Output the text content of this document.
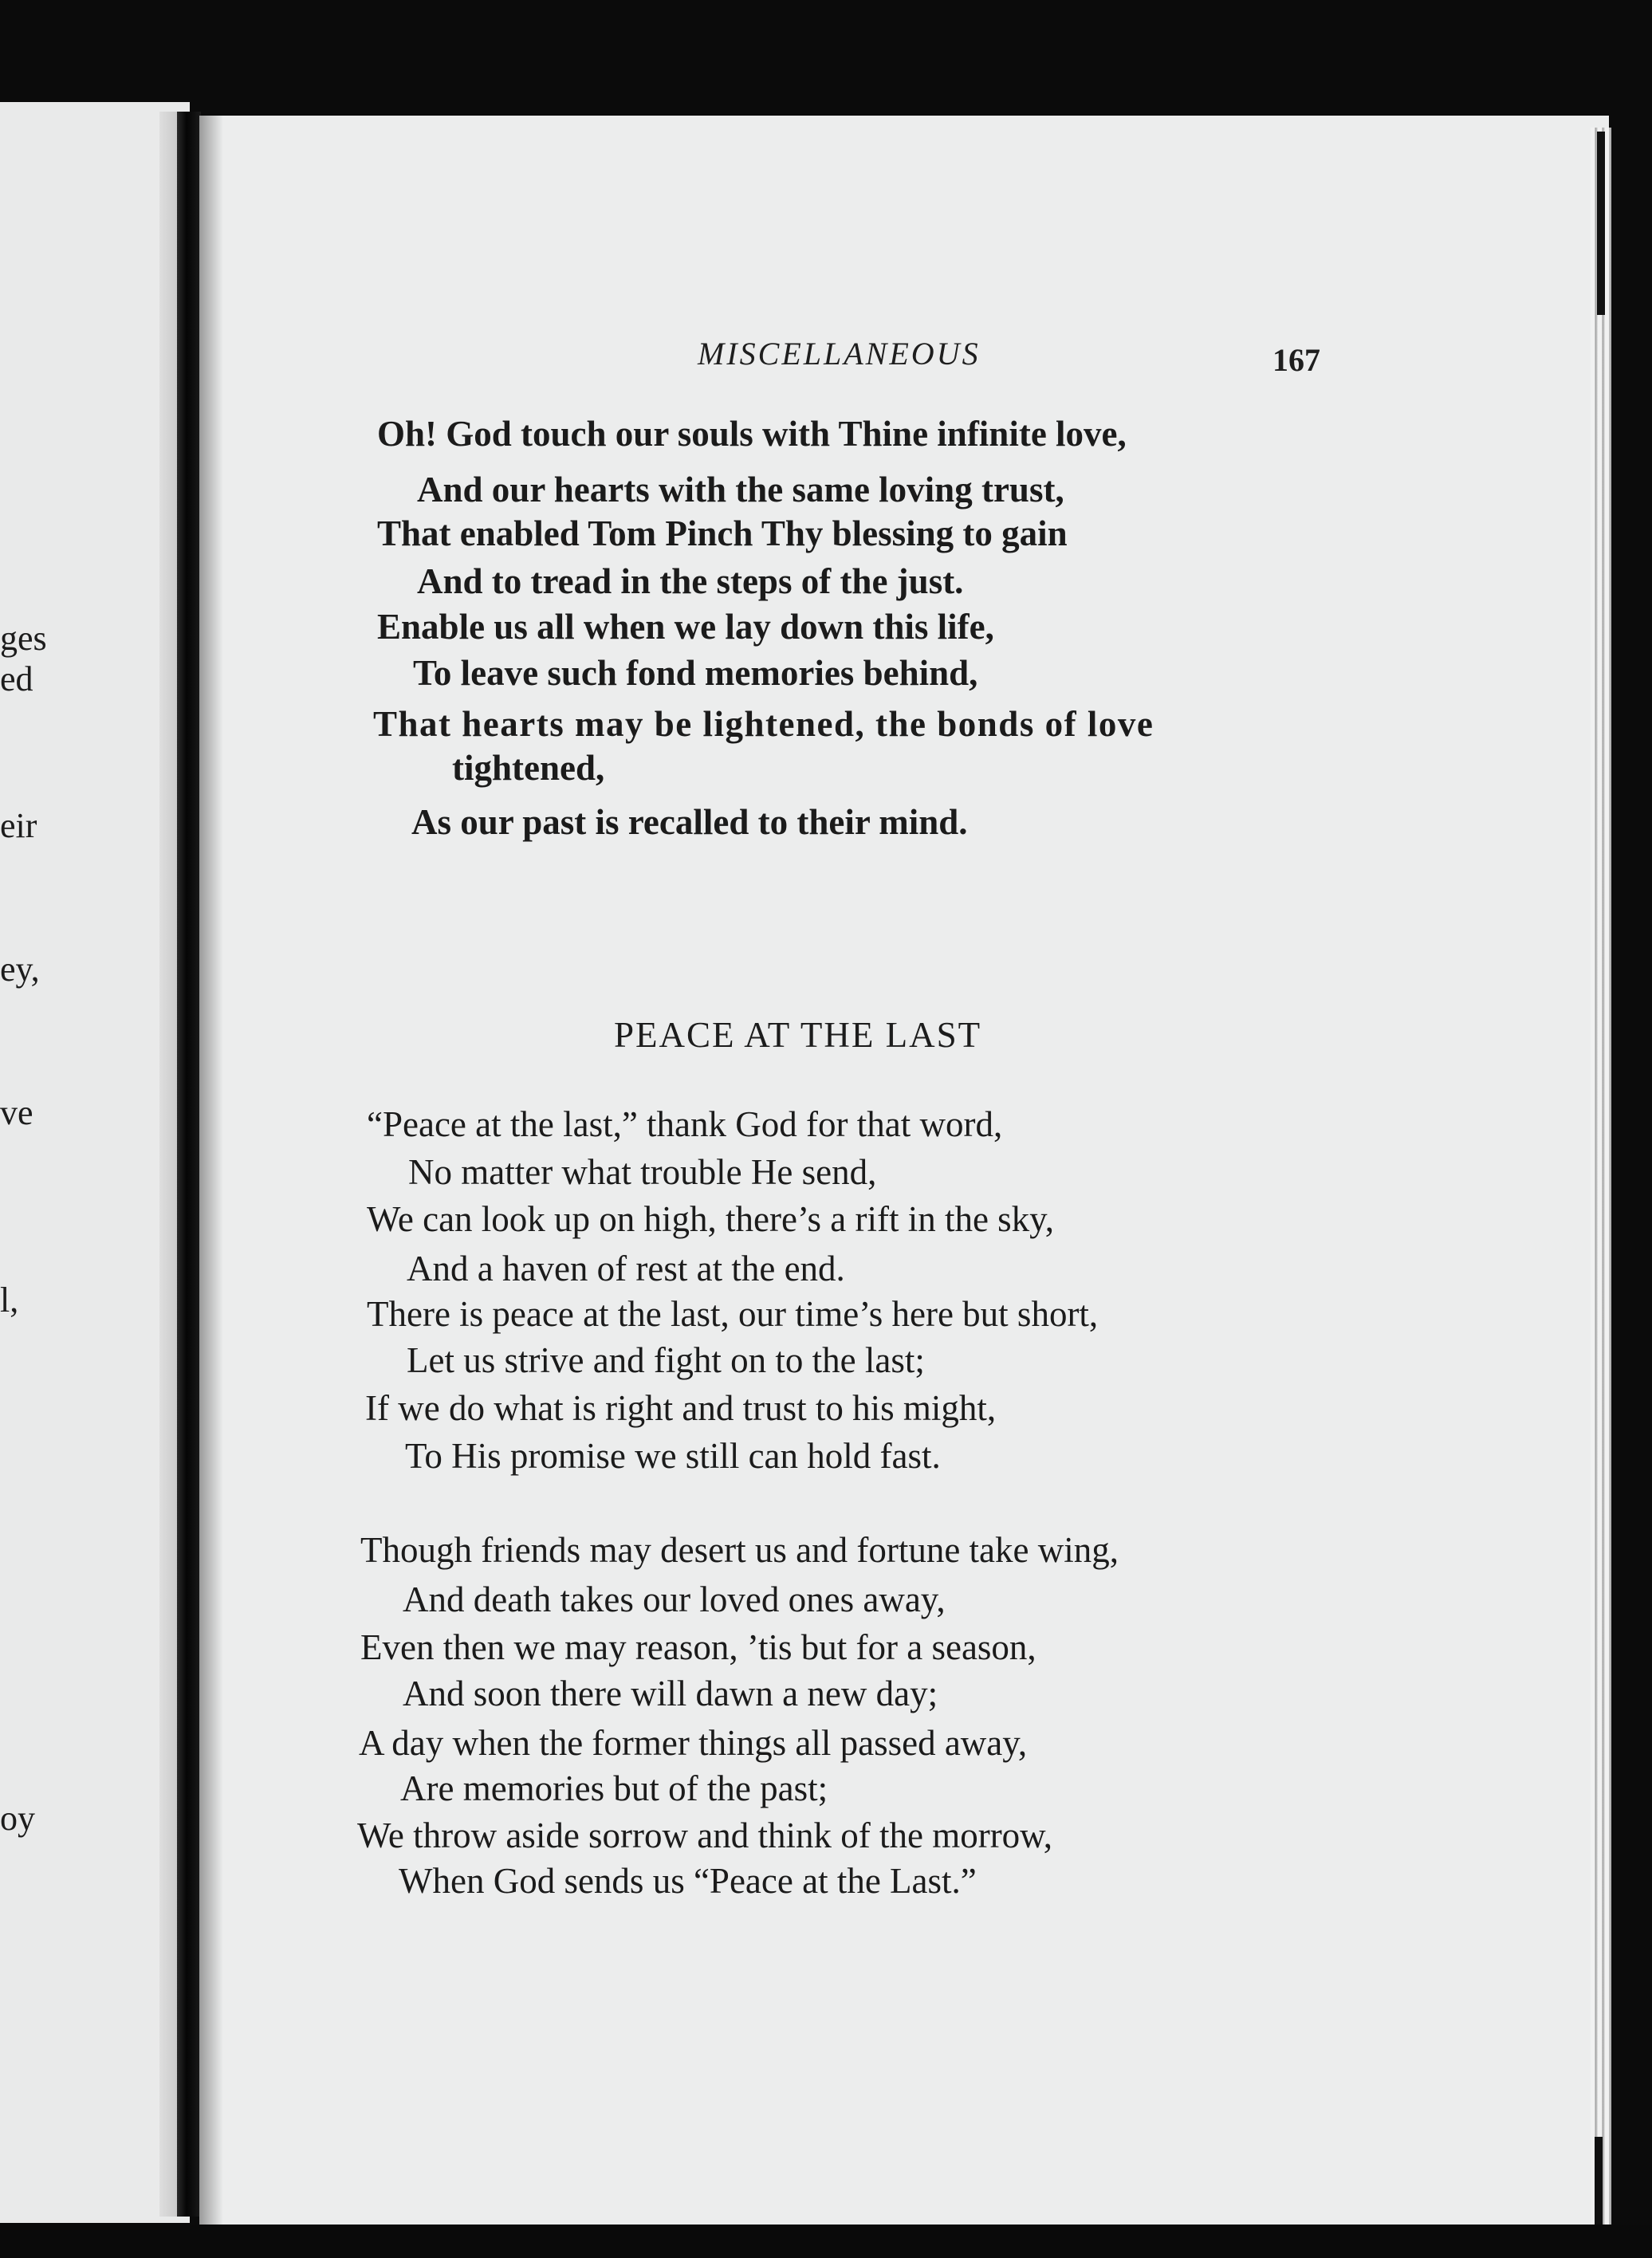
ges
ed
eir
ey,
ve
l,
oy
MISCELLANEOUS	167
Oh! God touch our souls with Thine infinite love,
And our hearts with the same loving trust,
That enabled Tom Pinch Thy blessing to gain
And to tread in the steps of the just.
Enable us all when we lay down this life,
To leave such fond memories behind,
That hearts may be lightened, the bonds of love
tightened,
As our past is recalled to their mind.
PEACE AT THE LAST
“Peace at the last,” thank God for that word,
No matter what trouble He send,
We can look up on high, there’s a rift in the sky,
And a haven of rest at the end.
There is peace at the last, our time’s here but short,
Let us strive and fight on to the last;
If we do what is right and trust to his might,
To His promise we still can hold fast.
Though friends may desert us and fortune take wing,
And death takes our loved ones away,
Even then we may reason, ’tis but for a season,
And soon there will dawn a new day;
A day when the former things all passed away,
Are memories but of the past;
We throw aside sorrow and think of the morrow,
When God sends us “Peace at the Last.”
